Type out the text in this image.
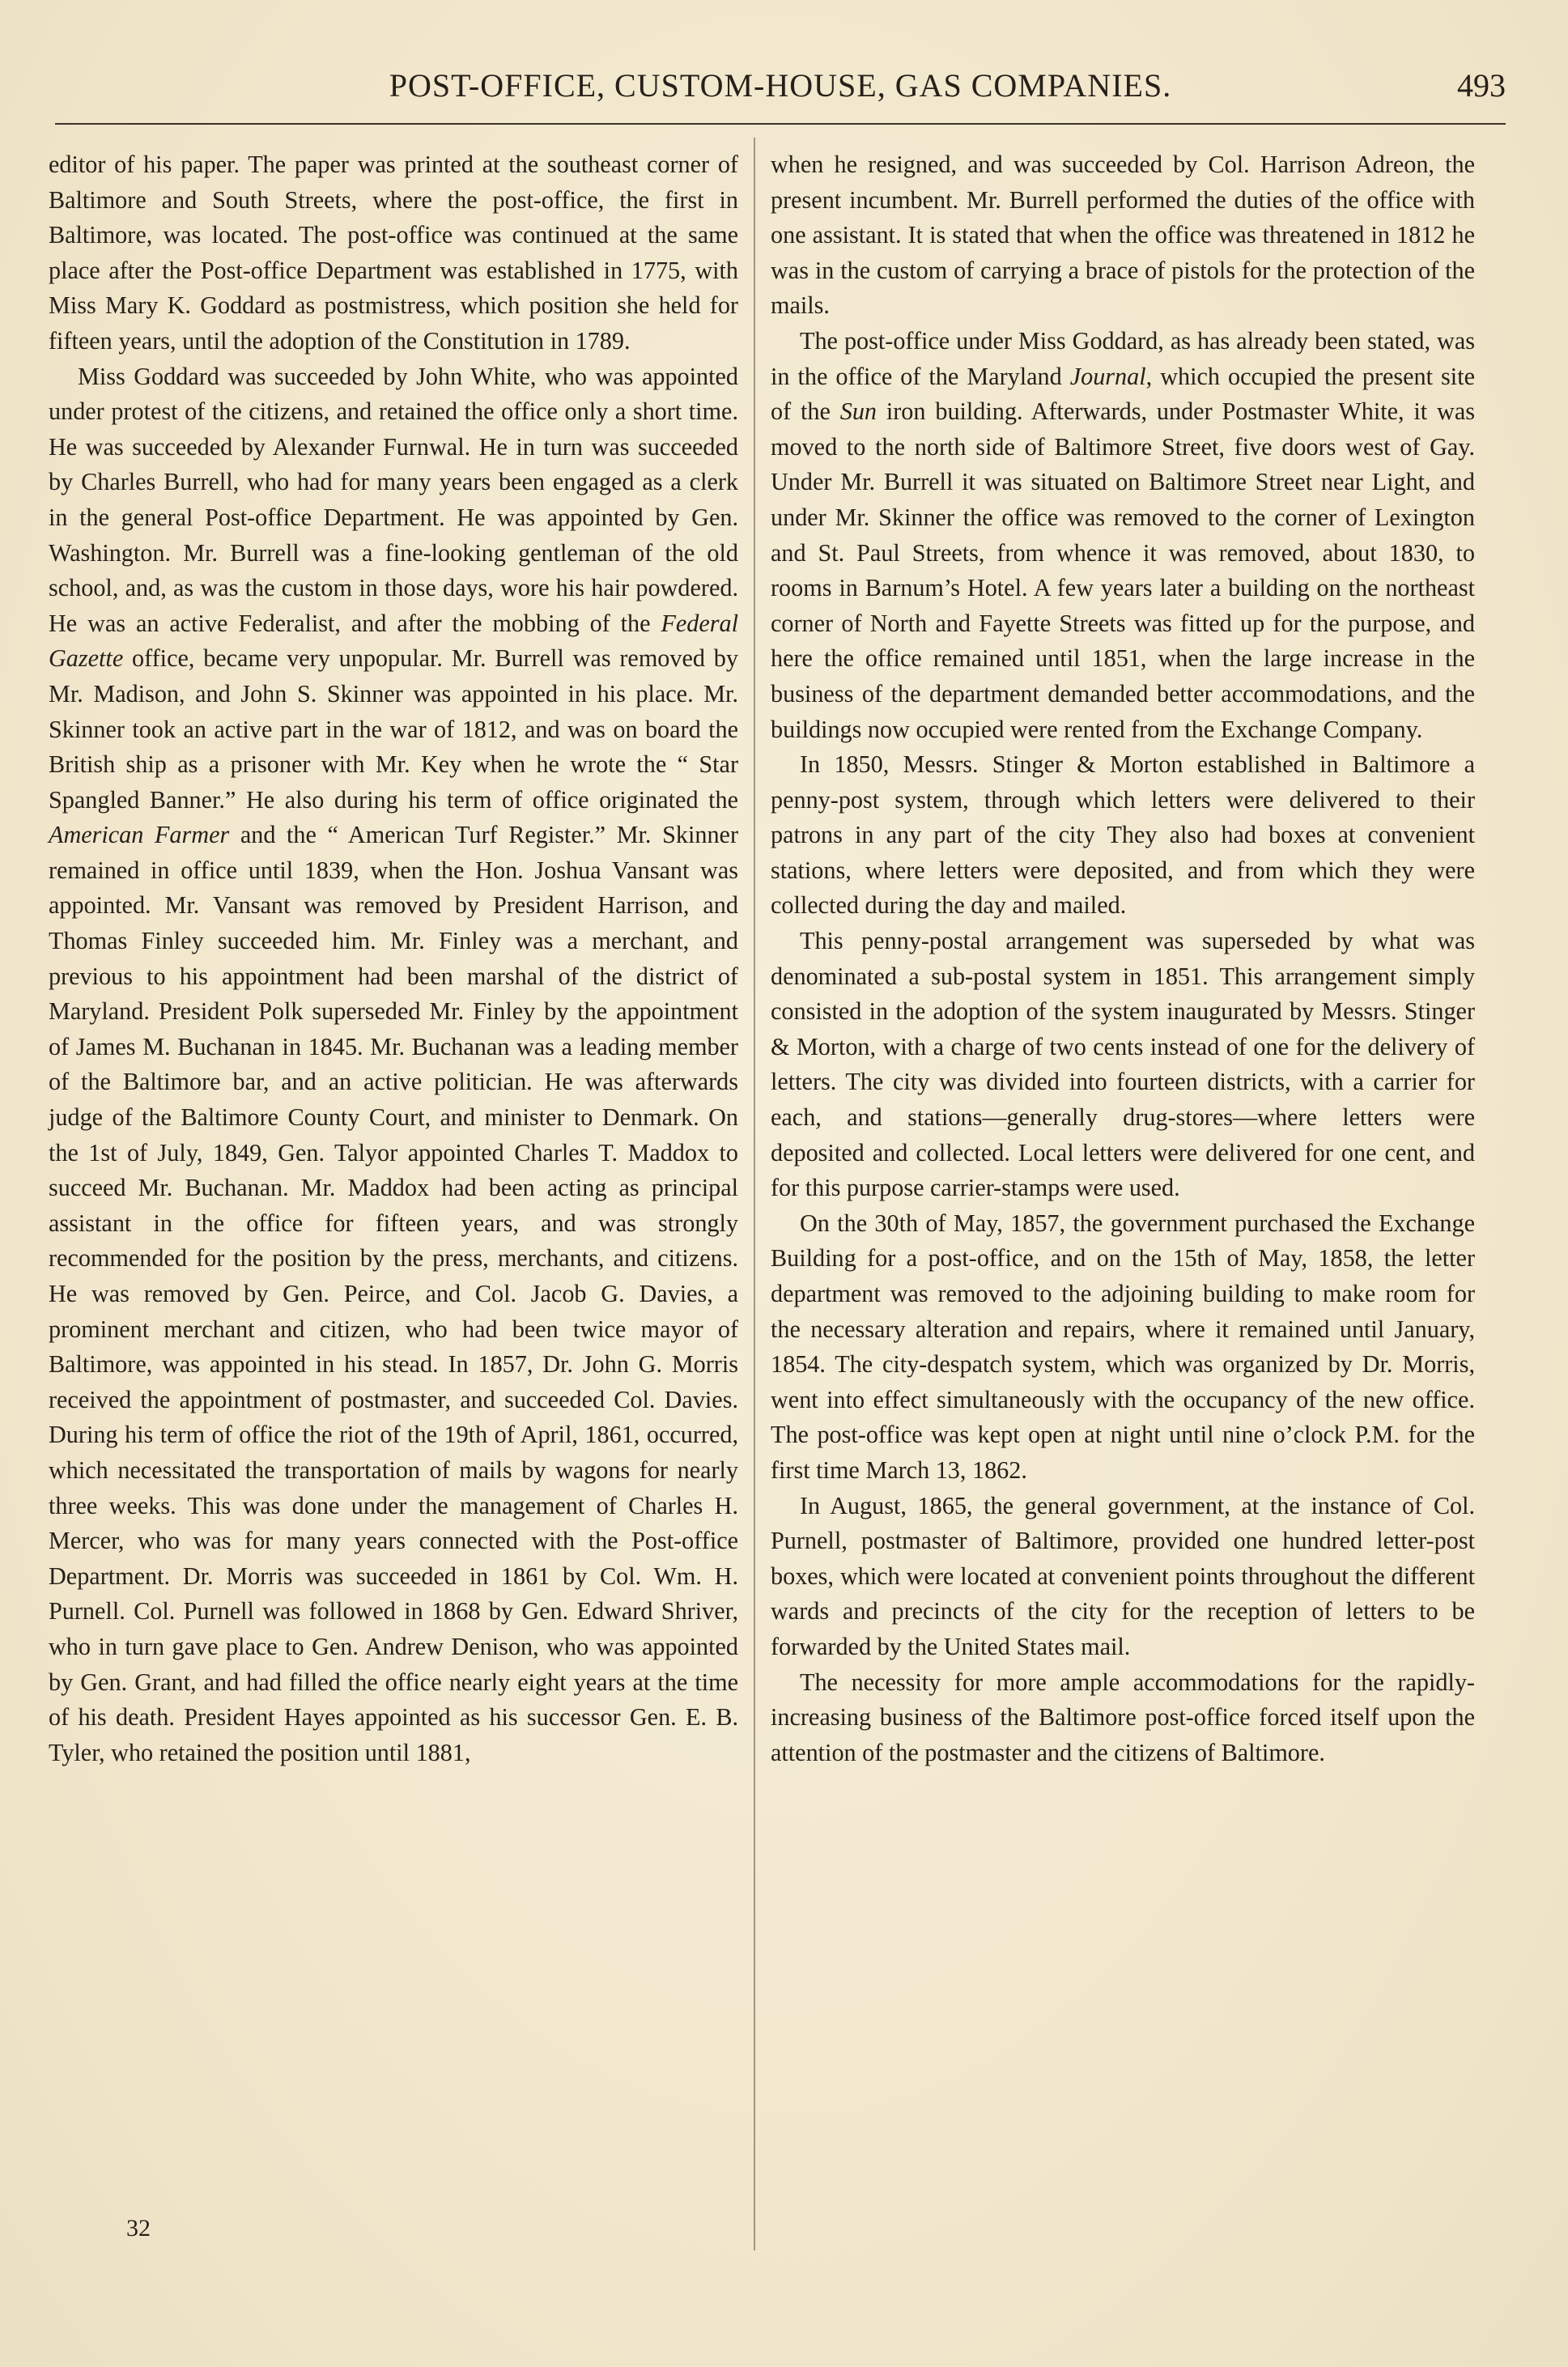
POST-OFFICE, CUSTOM-HOUSE, GAS COMPANIES.	493

editor of his paper. The paper was printed at the southeast corner of Baltimore and South Streets, where the post-office, the first in Baltimore, was located. The post-office was continued at the same place after the Post-office Department was established in 1775, with Miss Mary K. Goddard as postmistress, which position she held for fifteen years, until the adoption of the Constitution in 1789.

Miss Goddard was succeeded by John White, who was appointed under protest of the citizens, and retained the office only a short time. He was succeeded by Alexander Furnwal. He in turn was succeeded by Charles Burrell, who had for many years been engaged as a clerk in the general Post-office Department. He was appointed by Gen. Washington. Mr. Burrell was a fine-looking gentleman of the old school, and, as was the custom in those days, wore his hair powdered. He was an active Federalist, and after the mobbing of the Federal Gazette office, became very unpopular. Mr. Burrell was removed by Mr. Madison, and John S. Skinner was appointed in his place. Mr. Skinner took an active part in the war of 1812, and was on board the British ship as a prisoner with Mr. Key when he wrote the “ Star Spangled Banner.” He also during his term of office originated the American Farmer and the “ American Turf Register.” Mr. Skinner remained in office until 1839, when the Hon. Joshua Vansant was appointed. Mr. Vansant was removed by President Harrison, and Thomas Finley succeeded him. Mr. Finley was a merchant, and previous to his appointment had been marshal of the district of Maryland. President Polk superseded Mr. Finley by the appointment of James M. Buchanan in 1845. Mr. Buchanan was a leading member of the Baltimore bar, and an active politician. He was afterwards judge of the Baltimore County Court, and minister to Denmark. On the 1st of July, 1849, Gen. Talyor appointed Charles T. Maddox to succeed Mr. Buchanan. Mr. Maddox had been acting as principal assistant in the office for fifteen years, and was strongly recommended for the position by the press, merchants, and citizens. He was removed by Gen. Peirce, and Col. Jacob G. Davies, a prominent merchant and citizen, who had been twice mayor of Baltimore, was appointed in his stead. In 1857, Dr. John G. Morris received the appointment of postmaster, and succeeded Col. Davies. During his term of office the riot of the 19th of April, 1861, occurred, which necessitated the transportation of mails by wagons for nearly three weeks. This was done under the management of Charles H. Mercer, who was for many years connected with the Post-office Department. Dr. Morris was succeeded in 1861 by Col. Wm. H. Purnell. Col. Purnell was followed in 1868 by Gen. Edward Shriver, who in turn gave place to Gen. Andrew Denison, who was appointed by Gen. Grant, and had filled the office nearly eight years at the time of his death. President Hayes appointed as his successor Gen. E. B. Tyler, who retained the position until 1881,

when he resigned, and was succeeded by Col. Harrison Adreon, the present incumbent. Mr. Burrell performed the duties of the office with one assistant. It is stated that when the office was threatened in 1812 he was in the custom of carrying a brace of pistols for the protection of the mails.

The post-office under Miss Goddard, as has already been stated, was in the office of the Maryland Journal, which occupied the present site of the Sun iron building. Afterwards, under Postmaster White, it was moved to the north side of Baltimore Street, five doors west of Gay. Under Mr. Burrell it was situated on Baltimore Street near Light, and under Mr. Skinner the office was removed to the corner of Lexington and St. Paul Streets, from whence it was removed, about 1830, to rooms in Barnum’s Hotel. A few years later a building on the northeast corner of North and Fayette Streets was fitted up for the purpose, and here the office remained until 1851, when the large increase in the business of the department demanded better accommodations, and the buildings now occupied were rented from the Exchange Company.

In 1850, Messrs. Stinger & Morton established in Baltimore a penny-post system, through which letters were delivered to their patrons in any part of the city They also had boxes at convenient stations, where letters were deposited, and from which they were collected during the day and mailed.

This penny-postal arrangement was superseded by what was denominated a sub-postal system in 1851. This arrangement simply consisted in the adoption of the system inaugurated by Messrs. Stinger & Morton, with a charge of two cents instead of one for the delivery of letters. The city was divided into fourteen districts, with a carrier for each, and stations—generally drug-stores—where letters were deposited and collected. Local letters were delivered for one cent, and for this purpose carrier-stamps were used.

On the 30th of May, 1857, the government purchased the Exchange Building for a post-office, and on the 15th of May, 1858, the letter department was removed to the adjoining building to make room for the necessary alteration and repairs, where it remained until January, 1854. The city-despatch system, which was organized by Dr. Morris, went into effect simultaneously with the occupancy of the new office. The post-office was kept open at night until nine o’clock P.M. for the first time March 13, 1862.

In August, 1865, the general government, at the instance of Col. Purnell, postmaster of Baltimore, provided one hundred letter-post boxes, which were located at convenient points throughout the different wards and precincts of the city for the reception of letters to be forwarded by the United States mail.

The necessity for more ample accommodations for the rapidly-increasing business of the Baltimore post-office forced itself upon the attention of the postmaster and the citizens of Baltimore.

32
